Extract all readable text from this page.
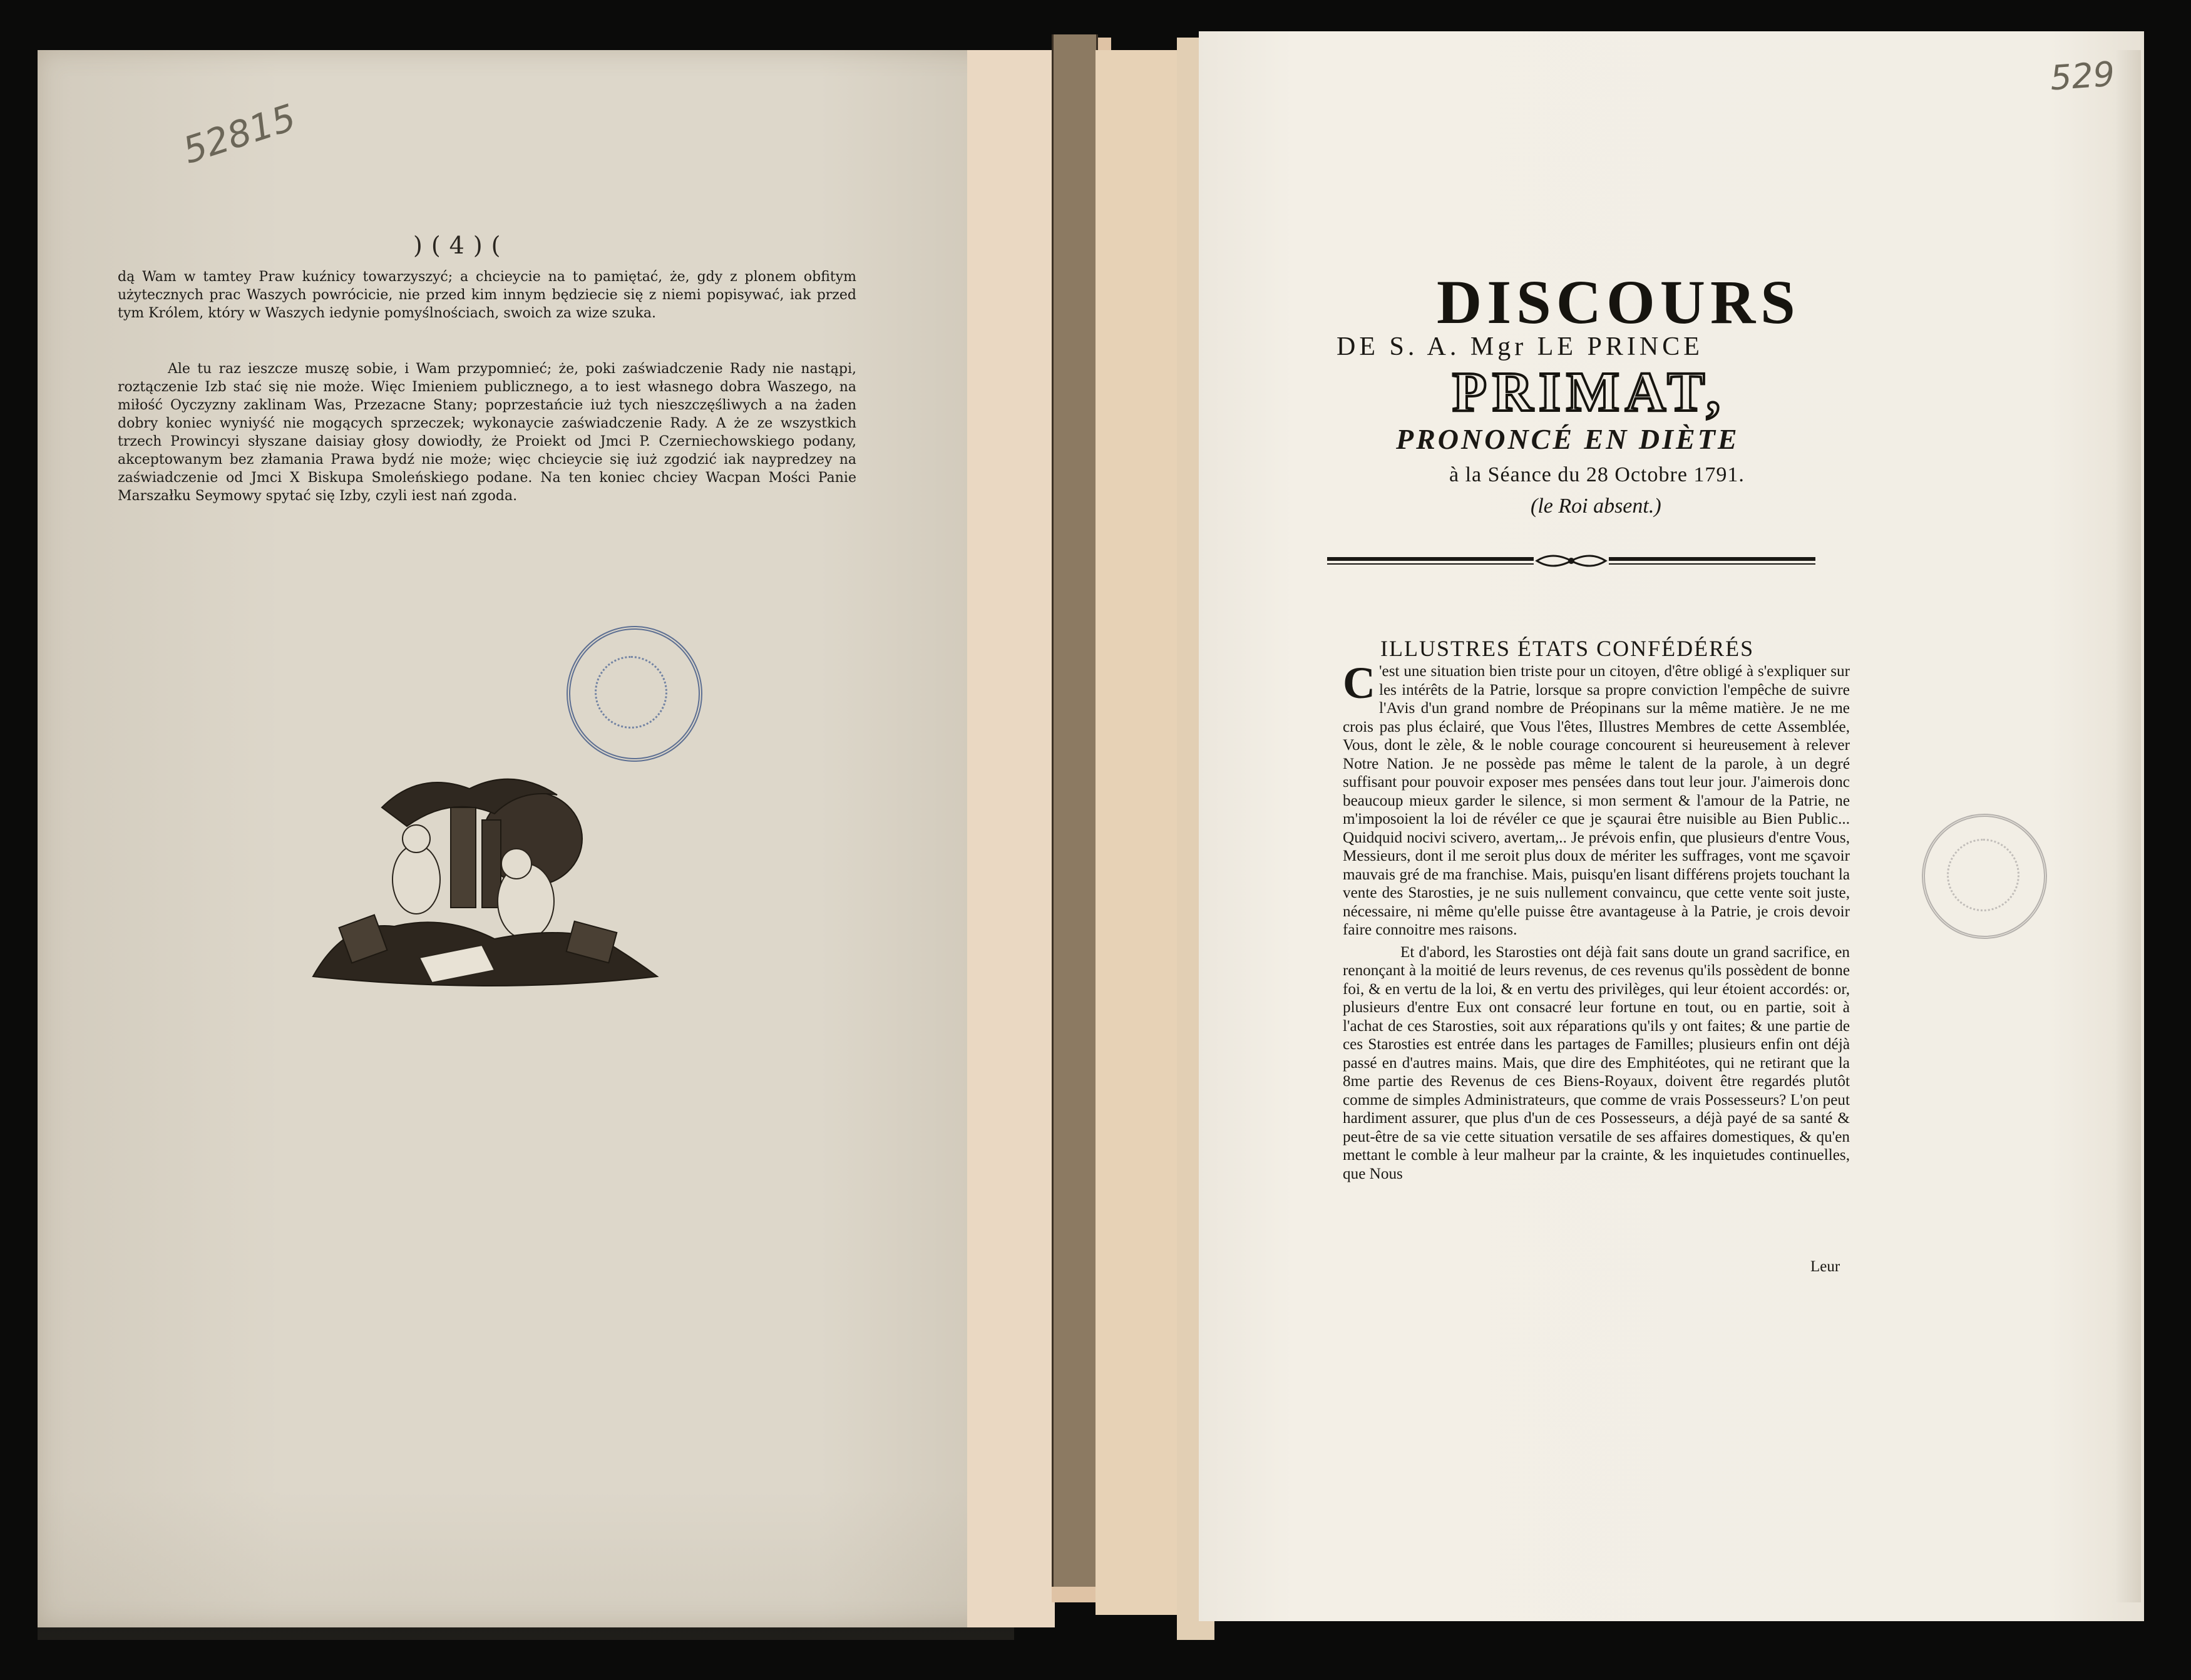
52815
)(4)(
dą Wam w tamtey Praw kuźnicy towarzyszyć; a chcieycie na to pamiętać, że, gdy z plonem obfitym użytecznych prac Waszych powrócicie, nie przed kim innym będziecie się z niemi popisywać, iak przed tym Królem, który w Waszych iedynie pomyślnościach, swoich za wize szuka.
Ale tu raz ieszcze muszę sobie, i Wam przypomnieć; że, poki zaświadczenie Rady nie nastąpi, roztączenie Izb stać się nie może. Więc Imieniem publicznego, a to iest własnego dobra Waszego, na miłość Oyczyzny zaklinam Was, Przezacne Stany; poprzestańcie iuż tych nieszczęśliwych a na żaden dobry koniec wyniyść nie mogących sprzeczek; wykonaycie zaświadczenie Rady. A że ze wszystkich trzech Prowincyi słyszane daisiay głosy dowiodły, że Proiekt od Jmci P. Czerniechowskiego podany, akceptowanym bez złamania Prawa bydź nie może; więc chcieycie się iuż zgodzić iak naypredzey na zaświadczenie od Jmci X Biskupa Smoleńskiego podane. Na ten koniec chciey Wacpan Mości Panie Marszałku Seymowy spytać się Izby, czyli iest nań zgoda.
529
DISCOURS
DE S. A. Mgr LE PRINCE
PRIMAT,
PRONONCÉ EN DIÈTE
à la Séance du 28 Octobre 1791.
(le Roi absent.)
ILLUSTRES ÉTATS CONFÉDÉRÉS

C 'est une situation bien triste pour un citoyen, d'être obligé à s'expliquer sur les intérêts de la Patrie, lorsque sa propre conviction l'empêche de suivre l'Avis d'un grand nombre de Préopinans sur la même matière. Je ne me crois pas plus éclairé, que Vous l'êtes, Illustres Membres de cette Assemblée, Vous, dont le zèle, & le noble courage concourent si heureusement à relever Notre Nation. Je ne possède pas même le talent de la parole, à un degré suffisant pour pouvoir exposer mes pensées dans tout leur jour. J'aimerois donc beaucoup mieux garder le silence, si mon serment & l'amour de la Patrie, ne m'imposoient la loi de révéler ce que je sçaurai être nuisible au Bien Public... Quidquid nocivi scivero, avertam,.. Je prévois enfin, que plusieurs d'entre Vous, Messieurs, dont il me seroit plus doux de mériter les suffrages, vont me sçavoir mauvais gré de ma franchise. Mais, puisqu'en lisant différens projets touchant la vente des Starosties, je ne suis nullement convaincu, que cette vente soit juste, nécessaire, ni même qu'elle puisse être avantageuse à la Patrie, je crois devoir faire connoitre mes raisons.

Et d'abord, les Starosties ont déjà fait sans doute un grand sacrifice, en renonçant à la moitié de leurs revenus, de ces revenus qu'ils possèdent de bonne foi, & en vertu de la loi, & en vertu des privilèges, qui leur étoient accordés: or, plusieurs d'entre Eux ont consacré leur fortune en tout, ou en partie, soit à l'achat de ces Starosties, soit aux réparations qu'ils y ont faites; & une partie de ces Starosties est entrée dans les partages de Familles; plusieurs enfin ont déjà passé en d'autres mains. Mais, que dire des Emphitéotes, qui ne retirant que la 8me partie des Revenus de ces Biens-Royaux, doivent être regardés plutôt comme de simples Administrateurs, que comme de vrais Possesseurs? L'on peut hardiment assurer, que plus d'un de ces Possesseurs, a déjà payé de sa santé & peut-être de sa vie cette situation versatile de ses affaires domestiques, & qu'en mettant le comble à leur malheur par la crainte, & les inquietudes continuelles, que Nous

Leur
